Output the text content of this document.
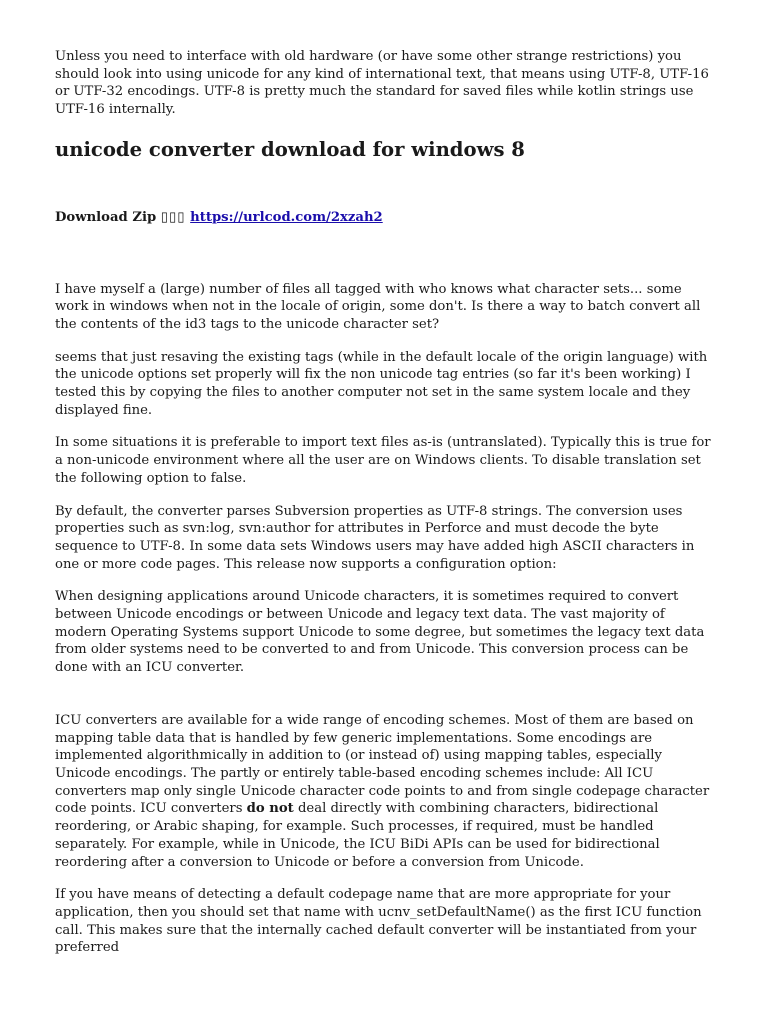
Unless you need to interface with old hardware (or have some other strange restrictions) you should look into using unicode for any kind of international text, that means using UTF-8, UTF-16 or UTF-32 encodings. UTF-8 is pretty much the standard for saved files while kotlin strings use UTF-16 internally.

unicode converter download for windows 8
Download Zip ▯▯▯ https://urlcod.com/2xzah2

I have myself a (large) number of files all tagged with who knows what character sets... some work in windows when not in the locale of origin, some don't. Is there a way to batch convert all the contents of the id3 tags to the unicode character set?

seems that just resaving the existing tags (while in the default locale of the origin language) with the unicode options set properly will fix the non unicode tag entries (so far it's been working) I tested this by copying the files to another computer not set in the same system locale and they displayed fine.

In some situations it is preferable to import text files as-is (untranslated). Typically this is true for a non-unicode environment where all the user are on Windows clients. To disable translation set the following option to false.

By default, the converter parses Subversion properties as UTF-8 strings. The conversion uses properties such as svn:log, svn:author for attributes in Perforce and must decode the byte sequence to UTF-8. In some data sets Windows users may have added high ASCII characters in one or more code pages. This release now supports a configuration option:

When designing applications around Unicode characters, it is sometimes required to convert between Unicode encodings or between Unicode and legacy text data. The vast majority of modern Operating Systems support Unicode to some degree, but sometimes the legacy text data from older systems need to be converted to and from Unicode. This conversion process can be done with an ICU converter.

ICU converters are available for a wide range of encoding schemes. Most of them are based on mapping table data that is handled by few generic implementations. Some encodings are implemented algorithmically in addition to (or instead of) using mapping tables, especially Unicode encodings. The partly or entirely table-based encoding schemes include: All ICU converters map only single Unicode character code points to and from single codepage character code points. ICU converters do not deal directly with combining characters, bidirectional reordering, or Arabic shaping, for example. Such processes, if required, must be handled separately. For example, while in Unicode, the ICU BiDi APIs can be used for bidirectional reordering after a conversion to Unicode or before a conversion from Unicode.

If you have means of detecting a default codepage name that are more appropriate for your application, then you should set that name with ucnv_setDefaultName() as the first ICU function call. This makes sure that the internally cached default converter will be instantiated from your preferred
